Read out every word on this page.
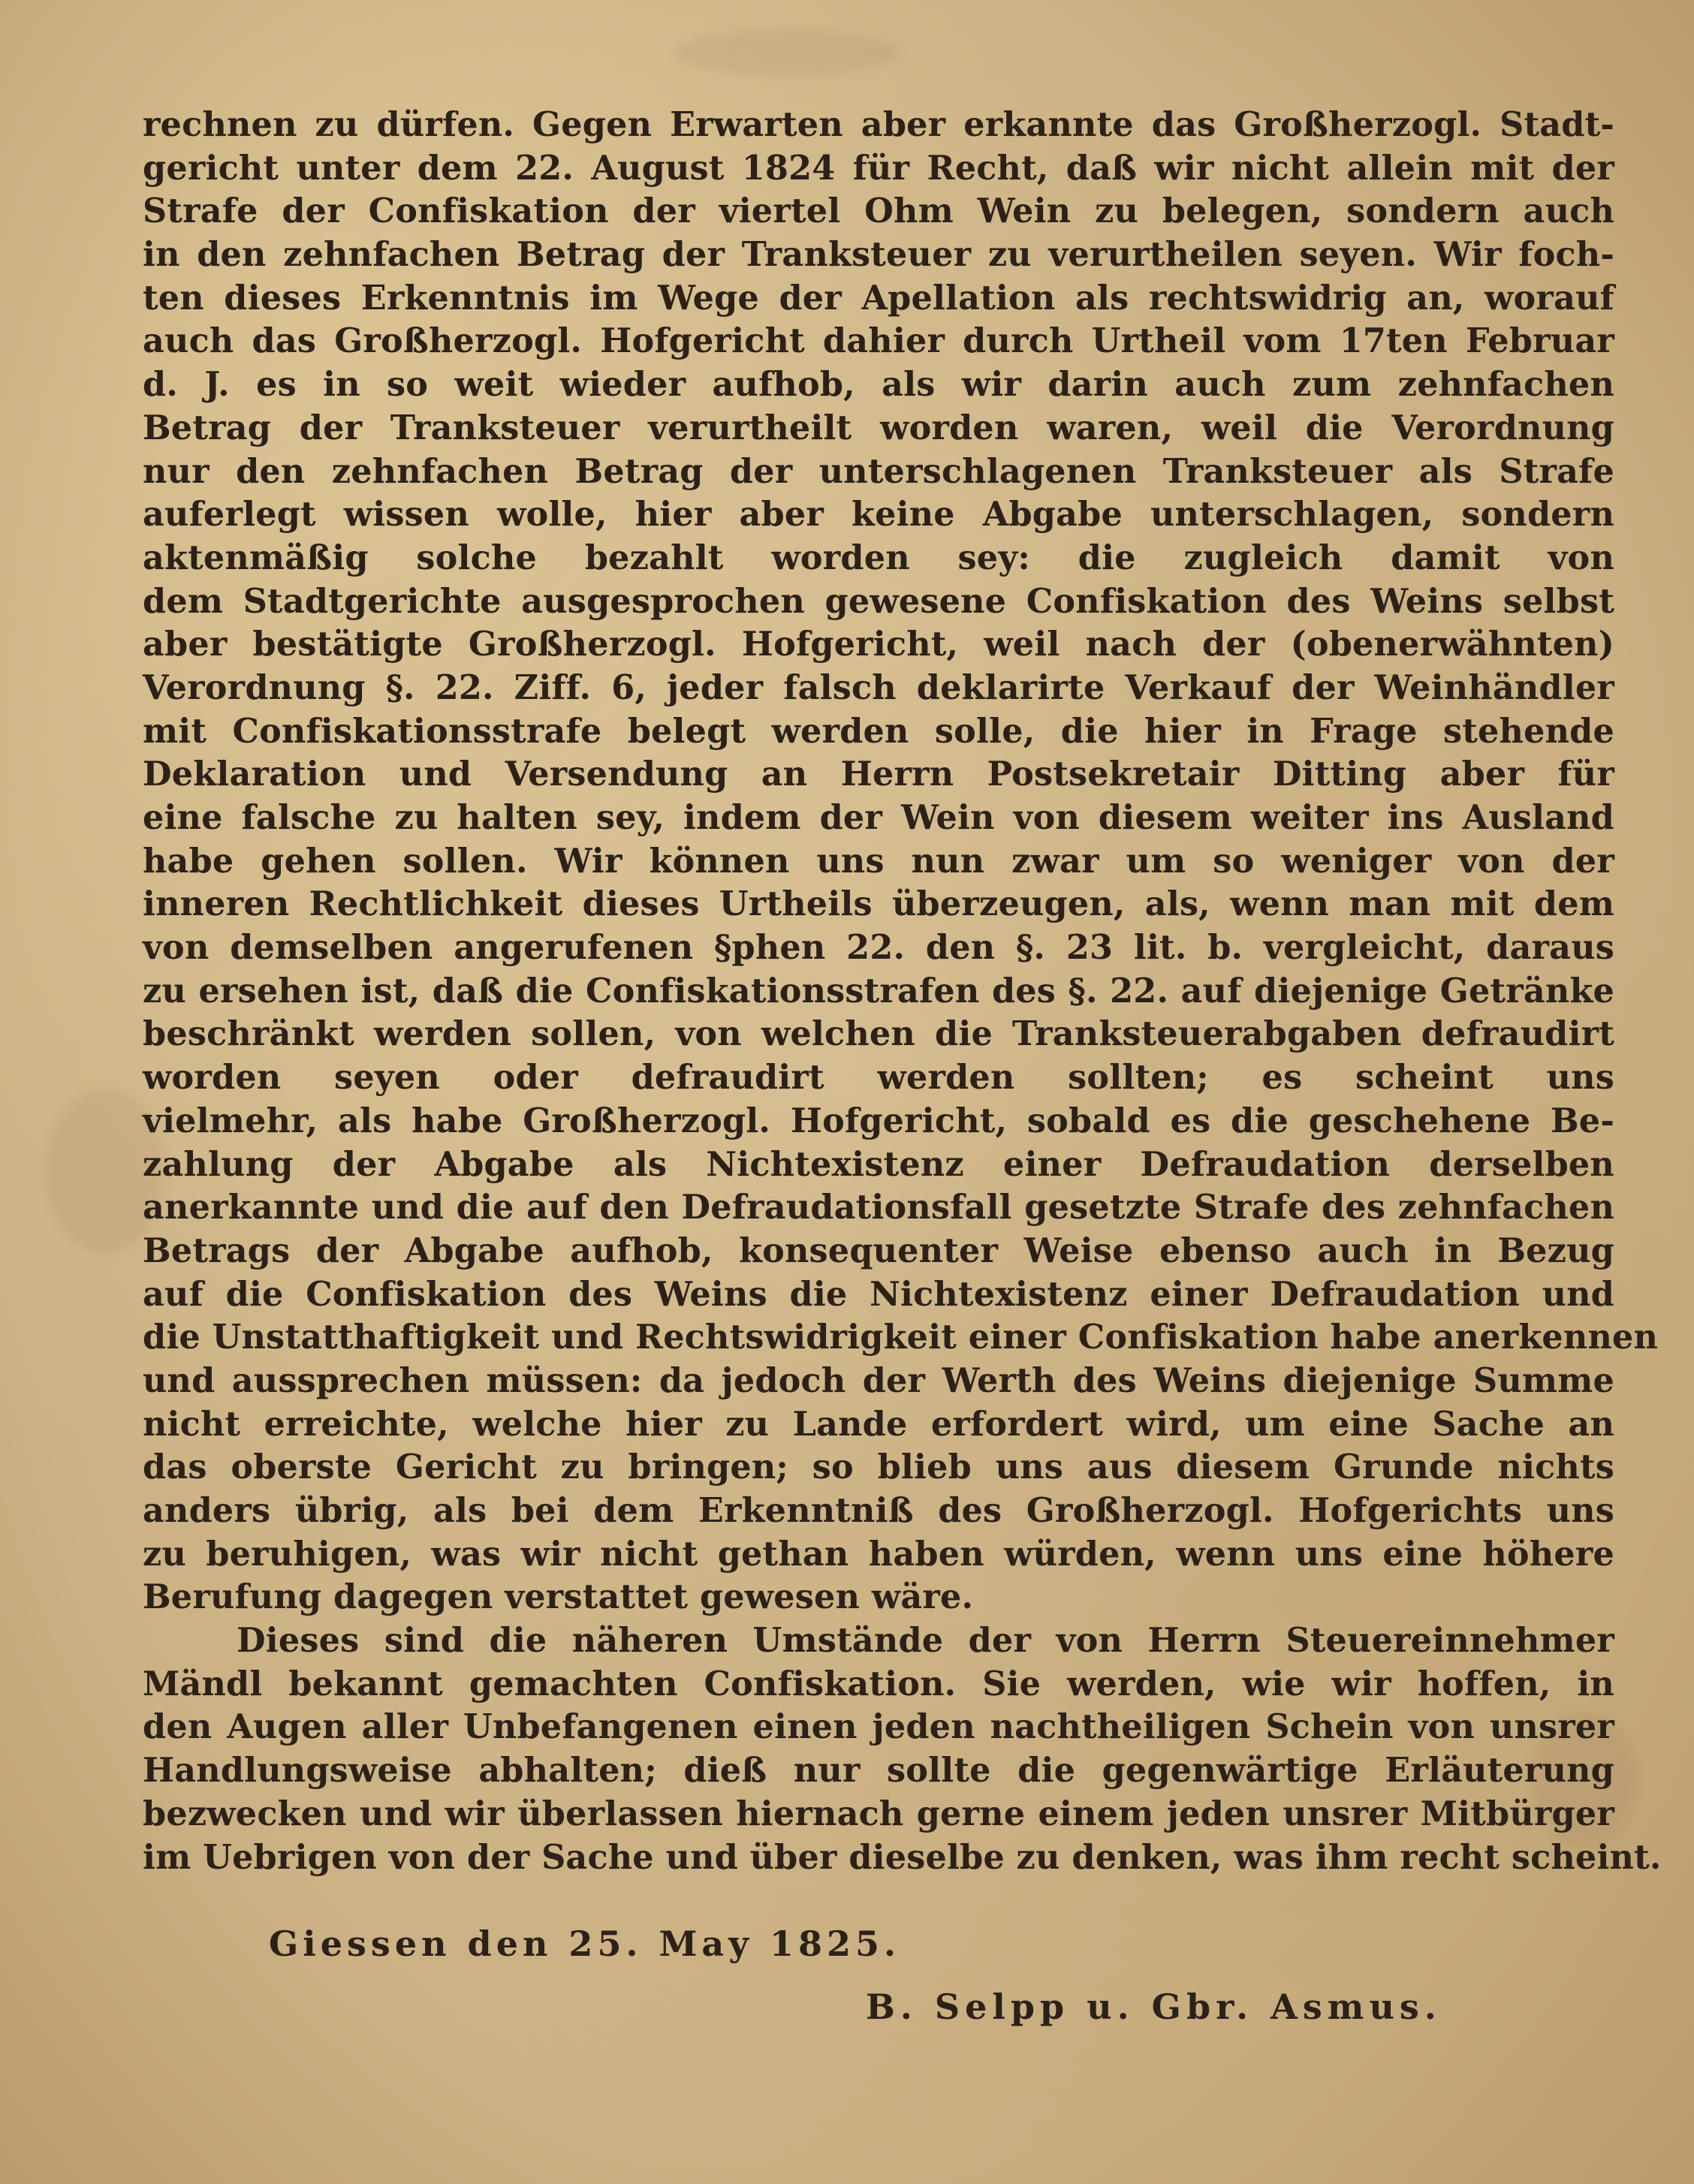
rechnen zu dürfen. Gegen Erwarten aber erkannte das Großherzogl. Stadt-
gericht unter dem 22. August 1824 für Recht, daß wir nicht allein mit der
Strafe der Confiskation der viertel Ohm Wein zu belegen, sondern auch
in den zehnfachen Betrag der Tranksteuer zu verurtheilen seyen. Wir foch-
ten dieses Erkenntnis im Wege der Apellation als rechtswidrig an, worauf
auch das Großherzogl. Hofgericht dahier durch Urtheil vom 17ten Februar
d. J. es in so weit wieder aufhob, als wir darin auch zum zehnfachen
Betrag der Tranksteuer verurtheilt worden waren, weil die Verordnung
nur den zehnfachen Betrag der unterschlagenen Tranksteuer als Strafe
auferlegt wissen wolle, hier aber keine Abgabe unterschlagen, sondern
aktenmäßig solche bezahlt worden sey: die zugleich damit von
dem Stadtgerichte ausgesprochen gewesene Confiskation des Weins selbst
aber bestätigte Großherzogl. Hofgericht, weil nach der (obenerwähnten)
Verordnung §. 22. Ziff. 6, jeder falsch deklarirte Verkauf der Weinhändler
mit Confiskationsstrafe belegt werden solle, die hier in Frage stehende
Deklaration und Versendung an Herrn Postsekretair Ditting aber für
eine falsche zu halten sey, indem der Wein von diesem weiter ins Ausland
habe gehen sollen. Wir können uns nun zwar um so weniger von der
inneren Rechtlichkeit dieses Urtheils überzeugen, als, wenn man mit dem
von demselben angerufenen §phen 22. den §. 23 lit. b. vergleicht, daraus
zu ersehen ist, daß die Confiskationsstrafen des §. 22. auf diejenige Getränke
beschränkt werden sollen, von welchen die Tranksteuerabgaben defraudirt
worden seyen oder defraudirt werden sollten; es scheint uns
vielmehr, als habe Großherzogl. Hofgericht, sobald es die geschehene Be-
zahlung der Abgabe als Nichtexistenz einer Defraudation derselben
anerkannte und die auf den Defraudationsfall gesetzte Strafe des zehnfachen
Betrags der Abgabe aufhob, konsequenter Weise ebenso auch in Bezug
auf die Confiskation des Weins die Nichtexistenz einer Defraudation und
die Unstatthaftigkeit und Rechtswidrigkeit einer Confiskation habe anerkennen
und aussprechen müssen: da jedoch der Werth des Weins diejenige Summe
nicht erreichte, welche hier zu Lande erfordert wird, um eine Sache an
das oberste Gericht zu bringen; so blieb uns aus diesem Grunde nichts
anders übrig, als bei dem Erkenntniß des Großherzogl. Hofgerichts uns
zu beruhigen, was wir nicht gethan haben würden, wenn uns eine höhere
Berufung dagegen verstattet gewesen wäre.
Dieses sind die näheren Umstände der von Herrn Steuereinnehmer
Mändl bekannt gemachten Confiskation. Sie werden, wie wir hoffen, in
den Augen aller Unbefangenen einen jeden nachtheiligen Schein von unsrer
Handlungsweise abhalten; dieß nur sollte die gegenwärtige Erläuterung
bezwecken und wir überlassen hiernach gerne einem jeden unsrer Mitbürger
im Uebrigen von der Sache und über dieselbe zu denken, was ihm recht scheint.
Giessen den 25. May 1825.
B. Selpp u. Gbr. Asmus.
